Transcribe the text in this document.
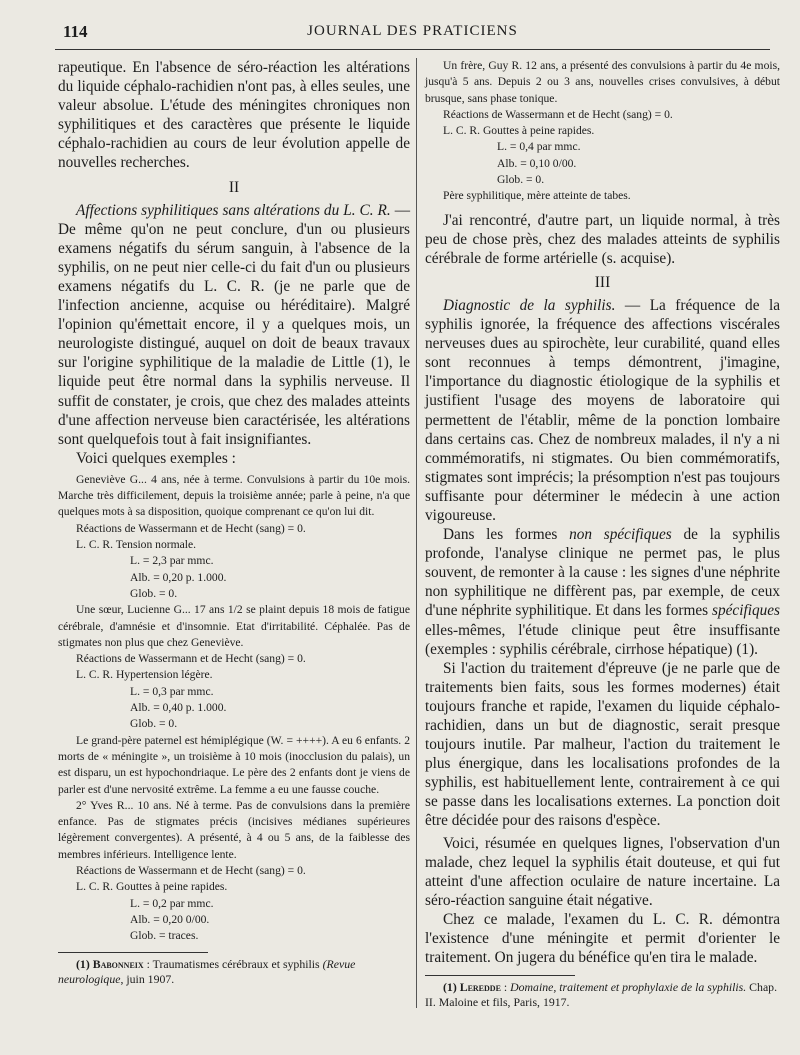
114	JOURNAL DES PRATICIENS

rapeutique. En l'absence de séro-réaction les altérations du liquide céphalo-rachidien n'ont pas, à elles seules, une valeur absolue. L'étude des méningites chroniques non syphilitiques et des caractères que présente le liquide céphalo-rachidien au cours de leur évolution appelle de nouvelles recherches.

II

Affections syphilitiques sans altérations du L. C. R. — De même qu'on ne peut conclure, d'un ou plusieurs examens négatifs du sérum sanguin, à l'absence de la syphilis, on ne peut nier celle-ci du fait d'un ou plusieurs examens négatifs du L. C. R. (je ne parle que de l'infection ancienne, acquise ou héréditaire). Malgré l'opinion qu'émettait encore, il y a quelques mois, un neurologiste distingué, auquel on doit de beaux travaux sur l'origine syphilitique de la maladie de Little (1), le liquide peut être normal dans la syphilis nerveuse. Il suffit de constater, je crois, que chez des malades atteints d'une affection nerveuse bien caractérisée, les altérations sont quelquefois tout à fait insignifiantes.

Voici quelques exemples :

Geneviève G... 4 ans, née à terme. Convulsions à partir du 10e mois. Marche très difficilement, depuis la troisième année; parle à peine, n'a que quelques mots à sa disposition, quoique comprenant ce qu'on lui dit.

Réactions de Wassermann et de Hecht (sang) = 0.

L. C. R. Tension normale.

L. = 2,3 par mmc.

Alb. = 0,20 p. 1.000.

Glob. = 0.

Une sœur, Lucienne G... 17 ans 1/2 se plaint depuis 18 mois de fatigue cérébrale, d'amnésie et d'insomnie. Etat d'irritabilité. Céphalée. Pas de stigmates non plus que chez Geneviève.

Réactions de Wassermann et de Hecht (sang) = 0.

L. C. R. Hypertension légère.

L. = 0,3 par mmc.

Alb. = 0,40 p. 1.000.

Glob. = 0.

Le grand-père paternel est hémiplégique (W. = ++++). A eu 6 enfants. 2 morts de « méningite », un troisième à 10 mois (inocclusion du palais), un est disparu, un est hypochondriaque. Le père des 2 enfants dont je viens de parler est d'une nervosité extrême. La femme a eu une fausse couche.

2° Yves R... 10 ans. Né à terme. Pas de convulsions dans la première enfance. Pas de stigmates précis (incisives médianes supérieures légèrement convergentes). A présenté, à 4 ou 5 ans, de la faiblesse des membres inférieurs. Intelligence lente.

Réactions de Wassermann et de Hecht (sang) = 0.

L. C. R. Gouttes à peine rapides.

L. = 0,2 par mmc.

Alb. = 0,20 0/00.

Glob. = traces.

(1) Babonneix : Traumatismes cérébraux et syphilis (Revue neurologique, juin 1907.

Un frère, Guy R. 12 ans, a présenté des convulsions à partir du 4e mois, jusqu'à 5 ans. Depuis 2 ou 3 ans, nouvelles crises convulsives, à début brusque, sans phase tonique.

Réactions de Wassermann et de Hecht (sang) = 0.

L. C. R. Gouttes à peine rapides.

L. = 0,4 par mmc.

Alb. = 0,10 0/00.

Glob. = 0.

Père syphilitique, mère atteinte de tabes.

J'ai rencontré, d'autre part, un liquide normal, à très peu de chose près, chez des malades atteints de syphilis cérébrale de forme artérielle (s. acquise).

III

Diagnostic de la syphilis. — La fréquence de la syphilis ignorée, la fréquence des affections viscérales nerveuses dues au spirochète, leur curabilité, quand elles sont reconnues à temps démontrent, j'imagine, l'importance du diagnostic étiologique de la syphilis et justifient l'usage des moyens de laboratoire qui permettent de l'établir, même de la ponction lombaire dans certains cas. Chez de nombreux malades, il n'y a ni commémoratifs, ni stigmates. Ou bien commémoratifs, stigmates sont imprécis; la présomption n'est pas toujours suffisante pour déterminer le médecin à une action vigoureuse.

Dans les formes non spécifiques de la syphilis profonde, l'analyse clinique ne permet pas, le plus souvent, de remonter à la cause : les signes d'une néphrite non syphilitique ne diffèrent pas, par exemple, de ceux d'une néphrite syphilitique. Et dans les formes spécifiques elles-mêmes, l'étude clinique peut être insuffisante (exemples : syphilis cérébrale, cirrhose hépatique) (1).

Si l'action du traitement d'épreuve (je ne parle que de traitements bien faits, sous les formes modernes) était toujours franche et rapide, l'examen du liquide céphalo-rachidien, dans un but de diagnostic, serait presque toujours inutile. Par malheur, l'action du traitement le plus énergique, dans les localisations profondes de la syphilis, est habituellement lente, contrairement à ce qui se passe dans les localisations externes. La ponction doit être décidée pour des raisons d'espèce.

Voici, résumée en quelques lignes, l'observation d'un malade, chez lequel la syphilis était douteuse, et qui fut atteint d'une affection oculaire de nature incertaine. La séro-réaction sanguine était négative.

Chez ce malade, l'examen du L. C. R. démontra l'existence d'une méningite et permit d'orienter le traitement. On jugera du bénéfice qu'en tira le malade.

(1) Leredde : Domaine, traitement et prophylaxie de la syphilis. Chap. II. Maloine et fils, Paris, 1917.
